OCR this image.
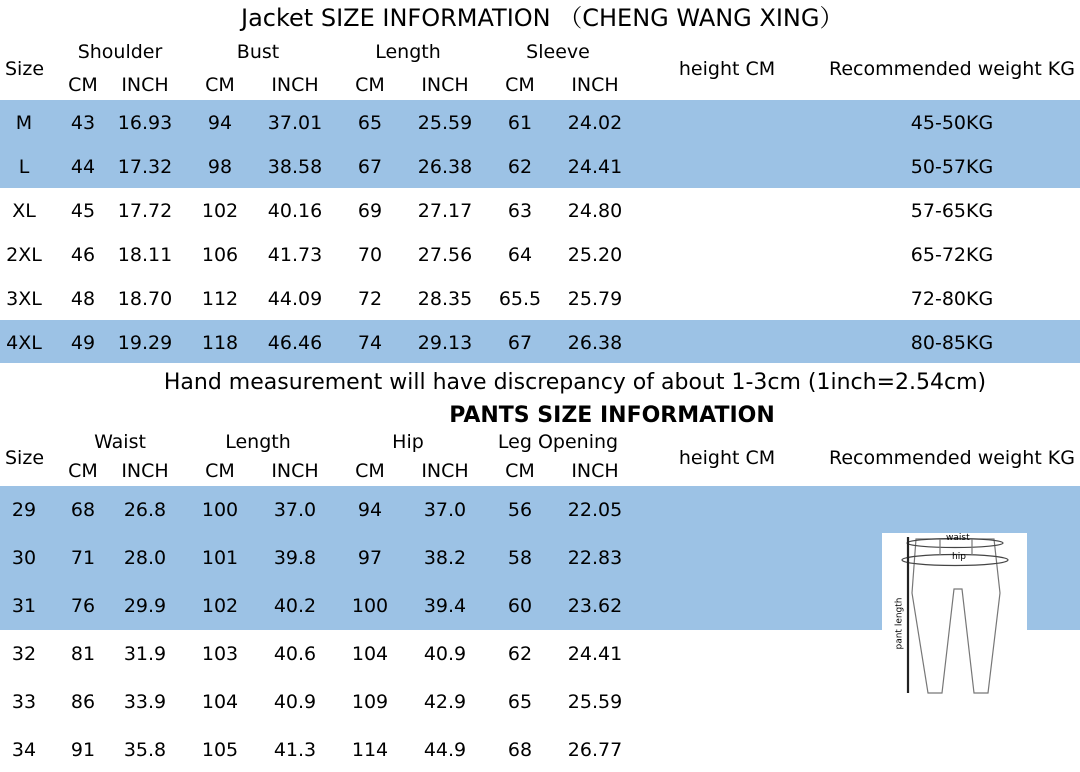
Jacket SIZE INFORMATION （CHENG WANG XING）
Size
Shoulder	Bust	Length	Sleeve
CM INCH CM INCH CM INCH CM INCH
height CM	Recommended weight KG
M 43 16.93 94 37.01 65 25.59 61 24.02	45-50KG
L 44 17.32 98 38.58 67 26.38 62 24.41	50-57KG
XL 45 17.72 102 40.16 69 27.17 63 24.80	57-65KG
2XL 46 18.11 106 41.73 70 27.56 64 25.20	65-72KG
3XL 48 18.70 112 44.09 72 28.35 65.5 25.79	72-80KG
4XL 49 19.29 118 46.46 74 29.13 67 26.38	80-85KG
Hand measurement will have discrepancy of about 1-3cm (1inch=2.54cm)
PANTS SIZE INFORMATION
Size
Waist	Length	Hip	Leg Opening
CM INCH CM INCH CM INCH CM INCH
height CM	Recommended weight KG
29 68 26.8 100 37.0 94 37.0 56 22.05
30 71 28.0 101 39.8 97 38.2 58 22.83
31 76 29.9 102 40.2 100 39.4 60 23.62
32 81 31.9 103 40.6 104 40.9 62 24.41
33 86 33.9 104 40.9 109 42.9 65 25.59
34 91 35.8 105 41.3 114 44.9 68 26.77
waist
hip
pant length
